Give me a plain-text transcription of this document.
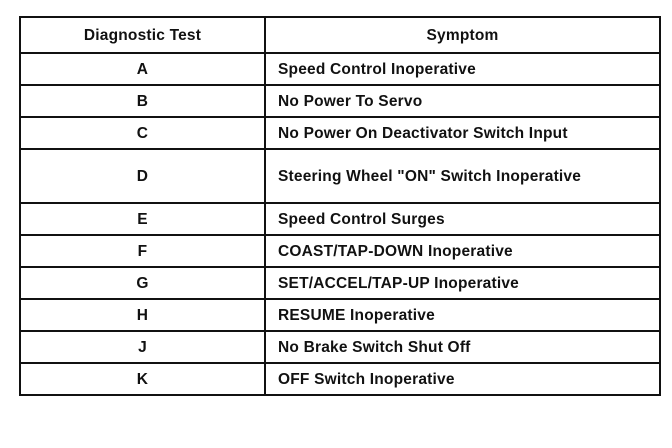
Diagnostic Test	Symptom
A	Speed Control Inoperative
B	No Power To Servo
C	No Power On Deactivator Switch Input
D	Steering Wheel "ON" Switch Inoperative
E	Speed Control Surges
F	COAST/TAP-DOWN Inoperative
G	SET/ACCEL/TAP-UP Inoperative
H	RESUME Inoperative
J	No Brake Switch Shut Off
K	OFF Switch Inoperative
